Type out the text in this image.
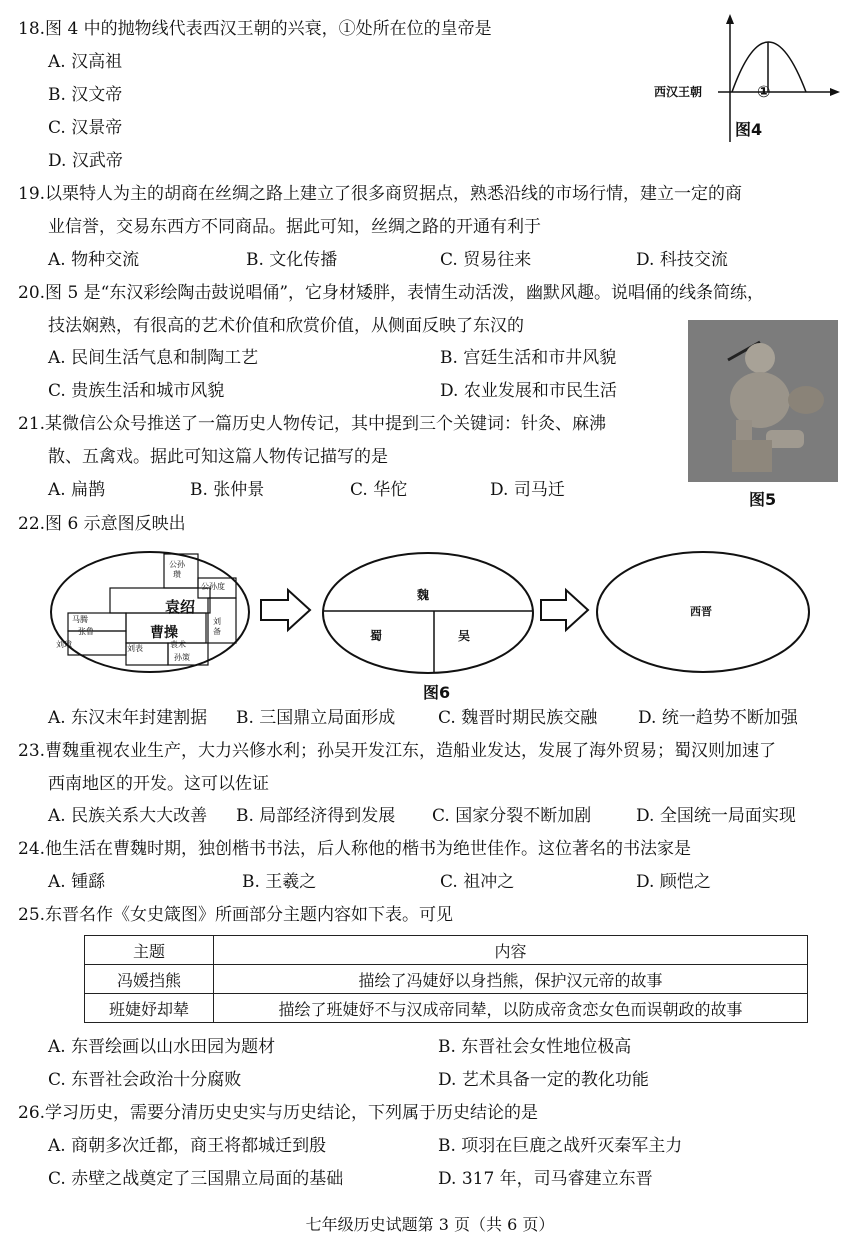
18.图 4 中的抛物线代表西汉王朝的兴衰，①处所在位的皇帝是
A. 汉高祖
B. 汉文帝
C. 汉景帝
D. 汉武帝
西汉王朝	①
图4
19.以栗特人为主的胡商在丝绸之路上建立了很多商贸据点，熟悉沿线的市场行情，建立一定的商
业信誉，交易东西方不同商品。据此可知，丝绸之路的开通有利于
A. 物种交流	B. 文化传播	C. 贸易往来	D. 科技交流
20.图 5 是“东汉彩绘陶击鼓说唱俑”，它身材矮胖，表情生动活泼，幽默风趣。说唱俑的线条简练，
技法娴熟，有很高的艺术价值和欣赏价值，从侧面反映了东汉的
A. 民间生活气息和制陶工艺	B. 宫廷生活和市井风貌
C. 贵族生活和城市风貌	D. 农业发展和市民生活
图5
21.某微信公众号推送了一篇历史人物传记，其中提到三个关键词：针灸、麻沸
散、五禽戏。据此可知这篇人物传记描写的是
A. 扁鹊	B. 张仲景	C. 华佗	D. 司马迁
22.图 6 示意图反映出
袁绍
曹操
公孙瓒
公孙度
马腾
张鲁
刘璋	刘表
孙策
袁术
刘备
魏
蜀	吴
西晋
图6
A. 东汉末年封建割据 B. 三国鼎立局面形成	C. 魏晋时期民族交融 D. 统一趋势不断加强
23.曹魏重视农业生产，大力兴修水利；孙吴开发江东，造船业发达，发展了海外贸易；蜀汉则加速了
西南地区的开发。这可以佐证
A. 民族关系大大改善 B. 局部经济得到发展 C. 国家分裂不断加剧	D. 全国统一局面实现
24.他生活在曹魏时期，独创楷书书法，后人称他的楷书为绝世佳作。这位著名的书法家是
A. 锺繇	B. 王羲之	C. 祖冲之	D. 顾恺之
25.东晋名作《女史箴图》所画部分主题内容如下表。可见
主题	内容
冯媛挡熊	描绘了冯婕妤以身挡熊，保护汉元帝的故事
班婕妤却辇	描绘了班婕妤不与汉成帝同辇，以防成帝贪恋女色而误朝政的故事
A. 东晋绘画以山水田园为题材	B. 东晋社会女性地位极高
C. 东晋社会政治十分腐败	D. 艺术具备一定的教化功能
26.学习历史，需要分清历史史实与历史结论，下列属于历史结论的是
A. 商朝多次迁都，商王将都城迁到殷	B. 项羽在巨鹿之战歼灭秦军主力
C. 赤壁之战奠定了三国鼎立局面的基础	D. 317 年，司马睿建立东晋
七年级历史试题第 3 页（共 6 页）
